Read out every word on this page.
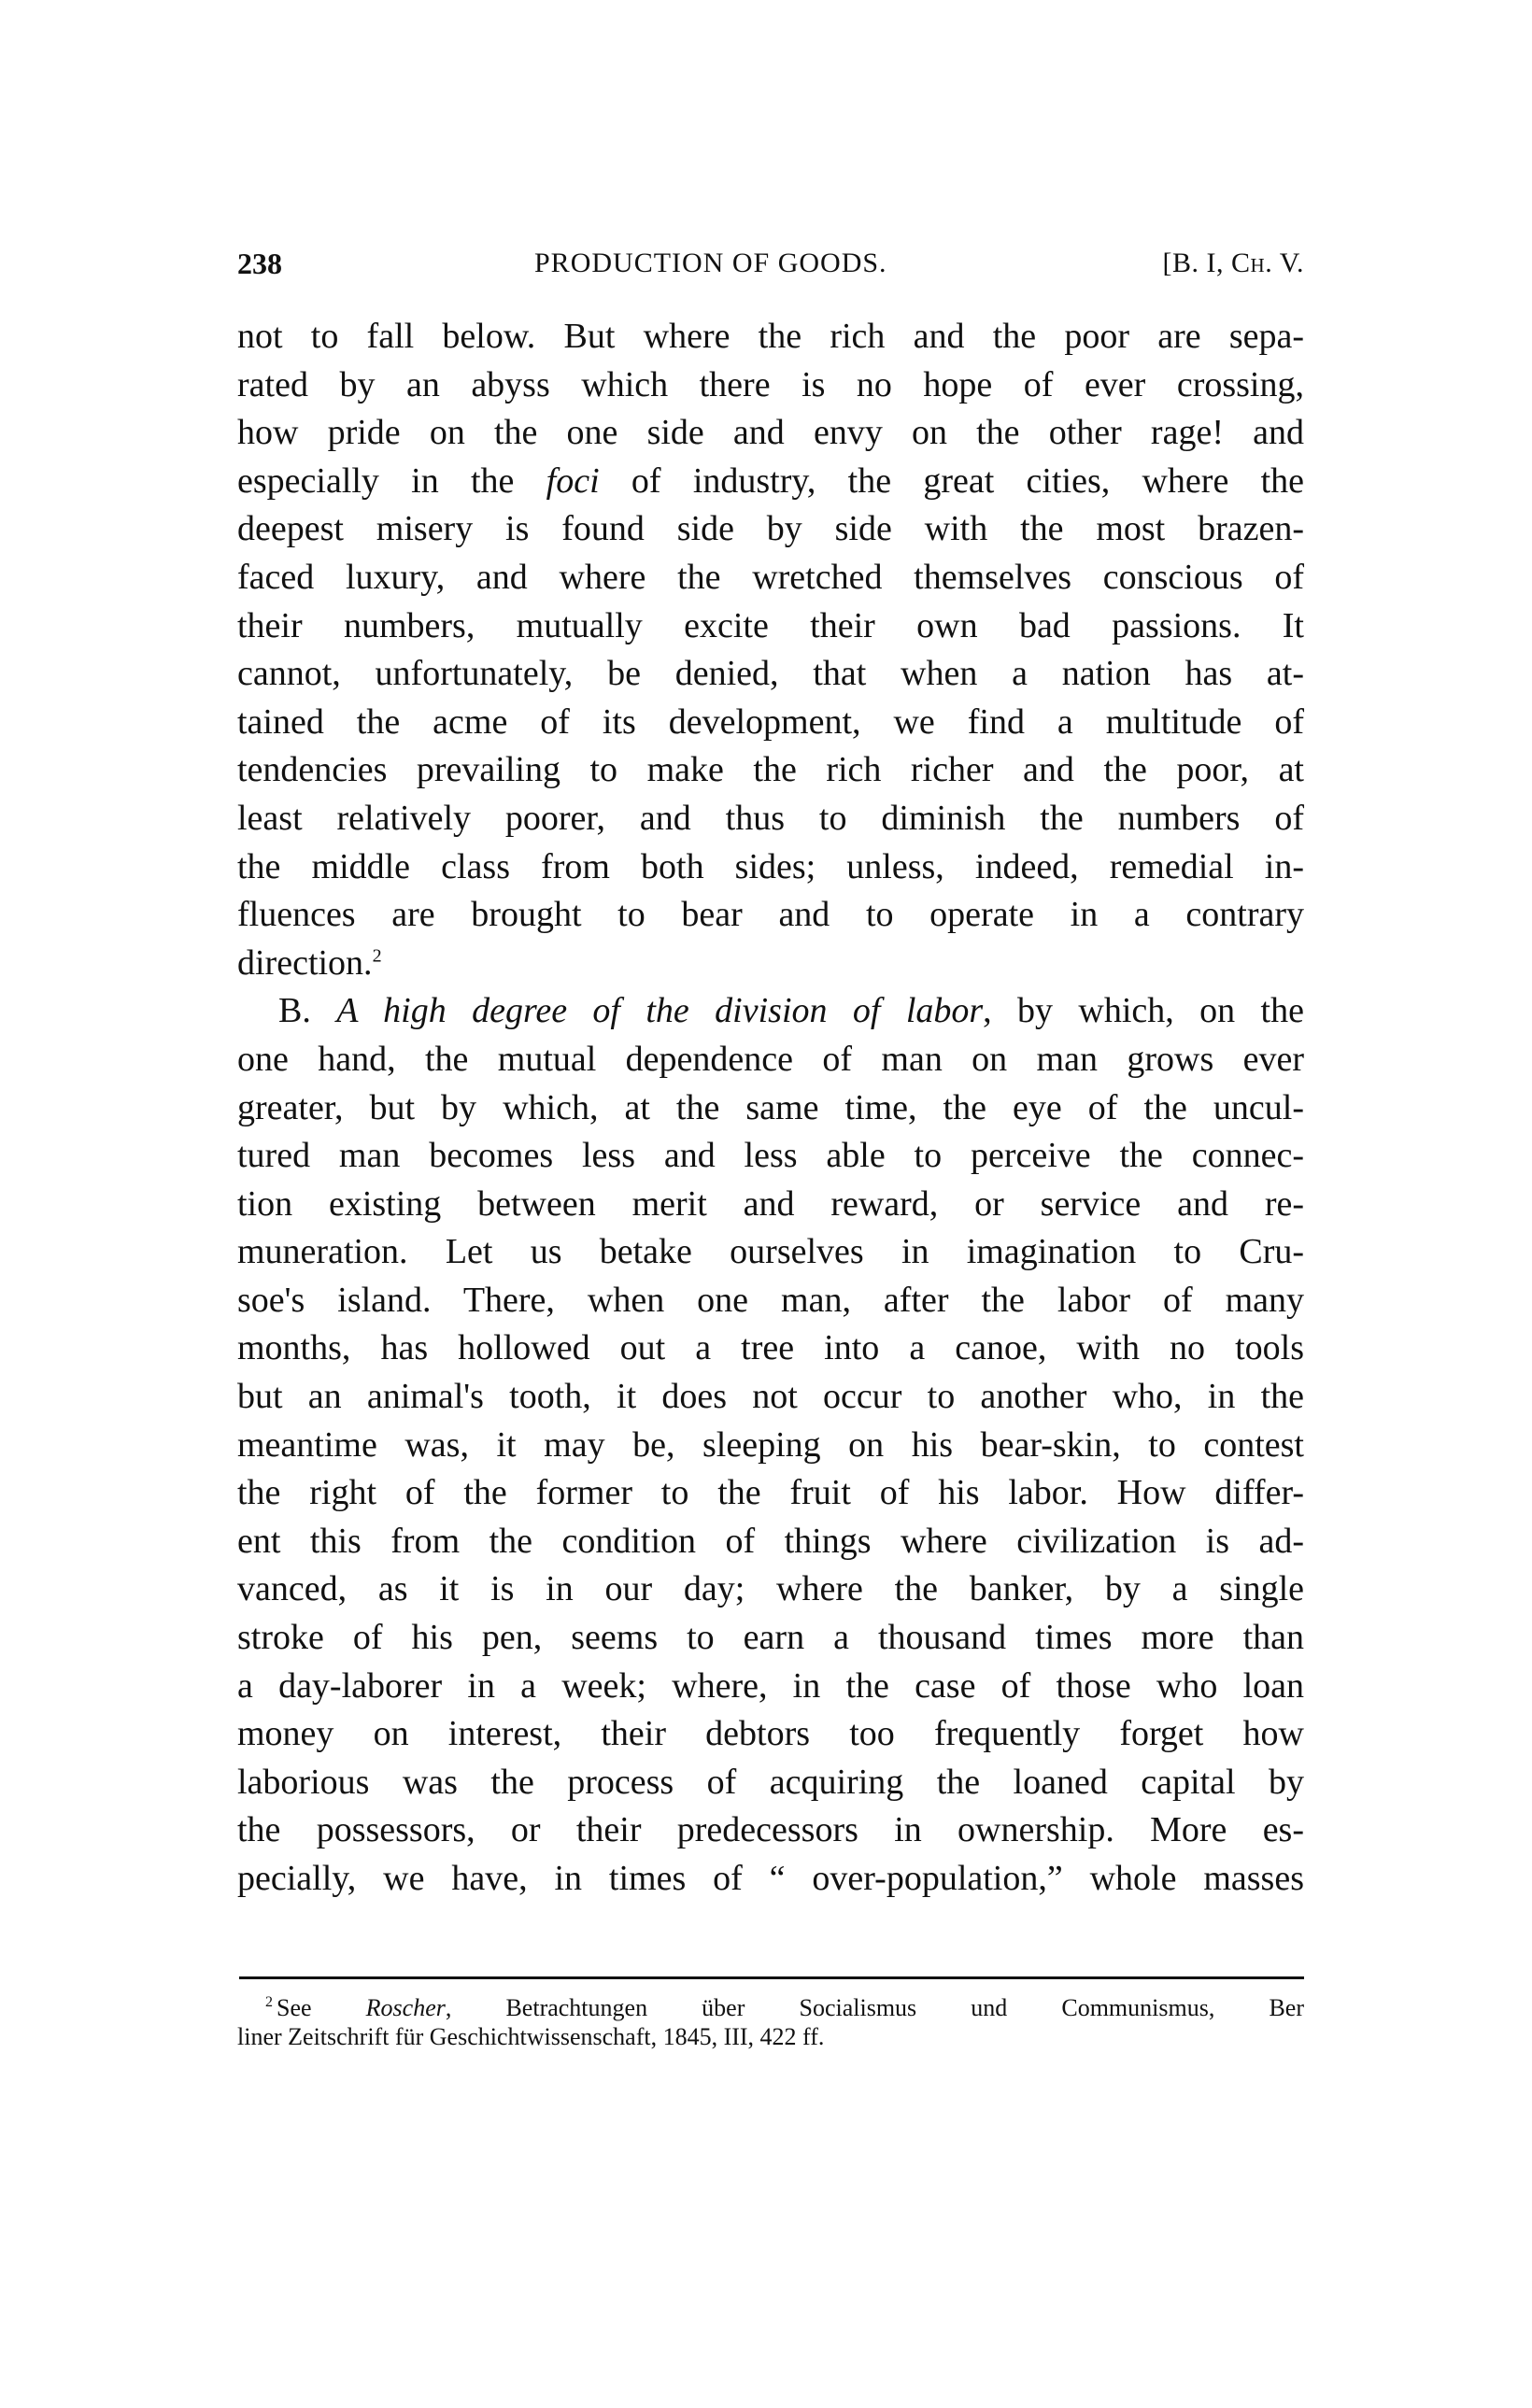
238	PRODUCTION OF GOODS.	[B. I, Ch. V.
not to fall below. But where the rich and the poor are sepa-
rated by an abyss which there is no hope of ever crossing,
how pride on the one side and envy on the other rage! and
especially in the foci of industry, the great cities, where the
deepest misery is found side by side with the most brazen-
faced luxury, and where the wretched themselves conscious of
their numbers, mutually excite their own bad passions. It
cannot, unfortunately, be denied, that when a nation has at-
tained the acme of its development, we find a multitude of
tendencies prevailing to make the rich richer and the poor, at
least relatively poorer, and thus to diminish the numbers of
the middle class from both sides; unless, indeed, remedial in-
fluences are brought to bear and to operate in a contrary
direction.$^2$
B. A high degree of the division of labor, by which, on the
one hand, the mutual dependence of man on man grows ever
greater, but by which, at the same time, the eye of the uncul-
tured man becomes less and less able to perceive the connec-
tion existing between merit and reward, or service and re-
muneration. Let us betake ourselves in imagination to Cru-
soe's island. There, when one man, after the labor of many
months, has hollowed out a tree into a canoe, with no tools
but an animal's tooth, it does not occur to another who, in the
meantime was, it may be, sleeping on his bear-skin, to contest
the right of the former to the fruit of his labor. How differ-
ent this from the condition of things where civilization is ad-
vanced, as it is in our day; where the banker, by a single
stroke of his pen, seems to earn a thousand times more than
a day-laborer in a week; where, in the case of those who loan
money on interest, their debtors too frequently forget how
laborious was the process of acquiring the loaned capital by
the possessors, or their predecessors in ownership. More es-
pecially, we have, in times of “ over-population,” whole masses
$^2$ See Roscher, Betrachtungen über Socialismus und Communismus, Ber
liner Zeitschrift für Geschichtwissenschaft, 1845, III, 422 ff.
